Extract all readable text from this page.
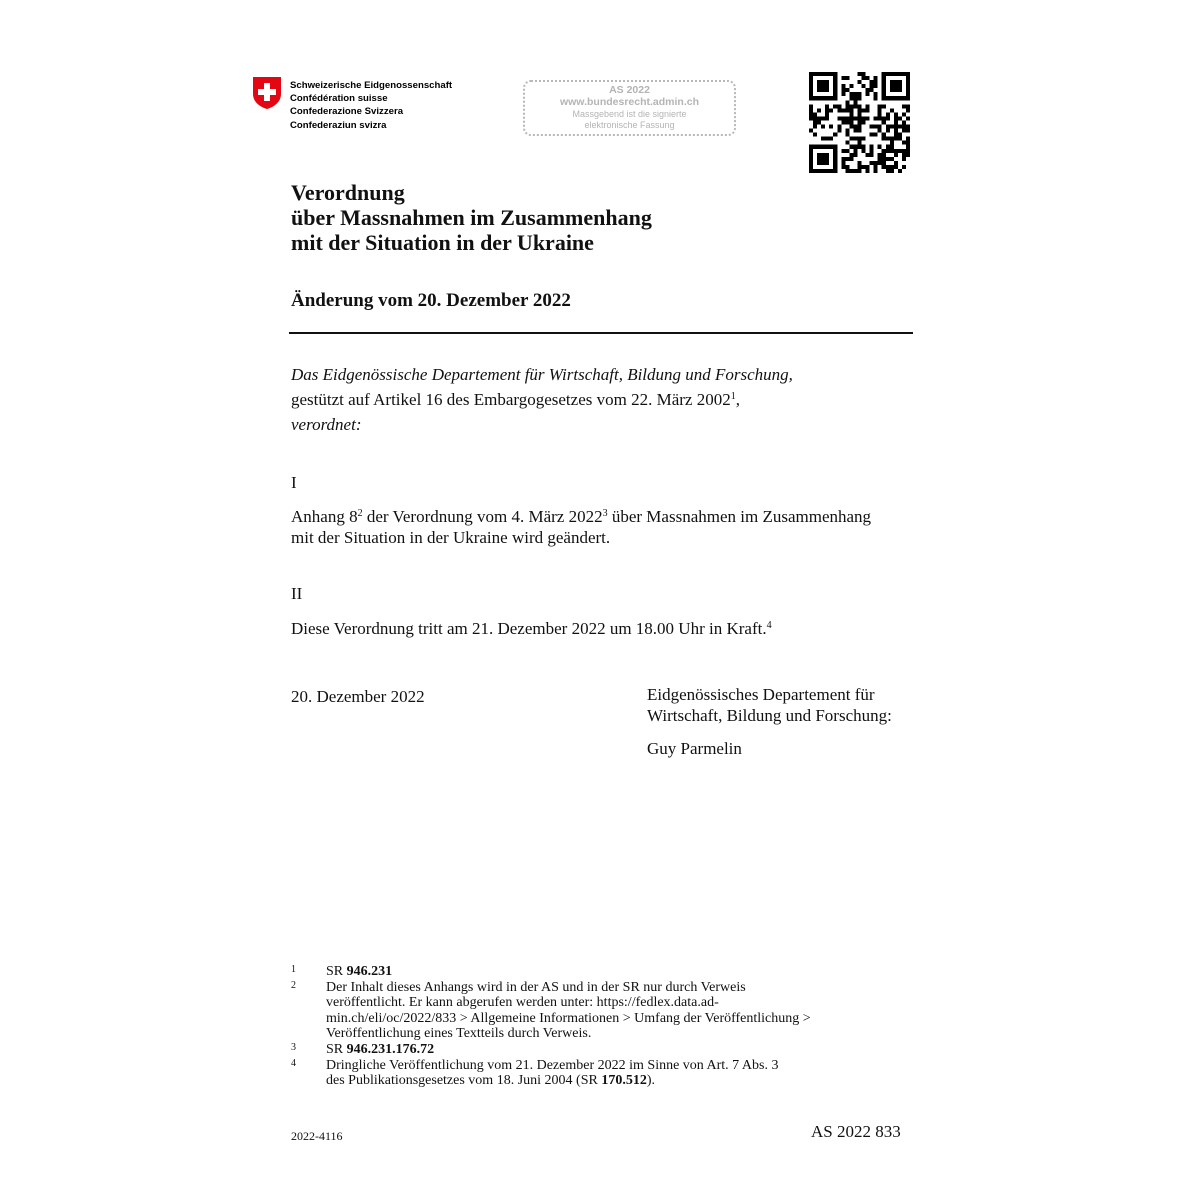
Schweizerische Eidgenossenschaft
Confédération suisse
Confederazione Svizzera
Confederaziun svizra
AS 2022
www.bundesrecht.admin.ch
Massgebend ist die signierte
elektronische Fassung
Verordnung
über Massnahmen im Zusammenhang
mit der Situation in der Ukraine
Änderung vom 20. Dezember 2022
Das Eidgenössische Departement für Wirtschaft, Bildung und Forschung,
gestützt auf Artikel 16 des Embargogesetzes vom 22. März 2002$^1$,
verordnet:
I
Anhang $8^2$ der Verordnung vom 4. März 2022$^3$ über Massnahmen im Zusammenhang
mit der Situation in der Ukraine wird geändert.
II
Diese Verordnung tritt am 21. Dezember 2022 um 18.00 Uhr in Kraft.$^4$
20. Dezember 2022	Eidgenössisches Departement für
Wirtschaft, Bildung und Forschung:
Guy Parmelin
1	SR 946.231
2	Der Inhalt dieses Anhangs wird in der AS und in der SR nur durch Verweis
veröffentlicht. Er kann abgerufen werden unter: https://fedlex.data.ad-
min.ch/eli/oc/2022/833 > Allgemeine Informationen > Umfang der Veröffentlichung >
Veröffentlichung eines Textteils durch Verweis.
3	SR 946.231.176.72
4	Dringliche Veröffentlichung vom 21. Dezember 2022 im Sinne von Art. 7 Abs. 3
des Publikationsgesetzes vom 18. Juni 2004 (SR 170.512).
2022-4116	AS 2022 833
